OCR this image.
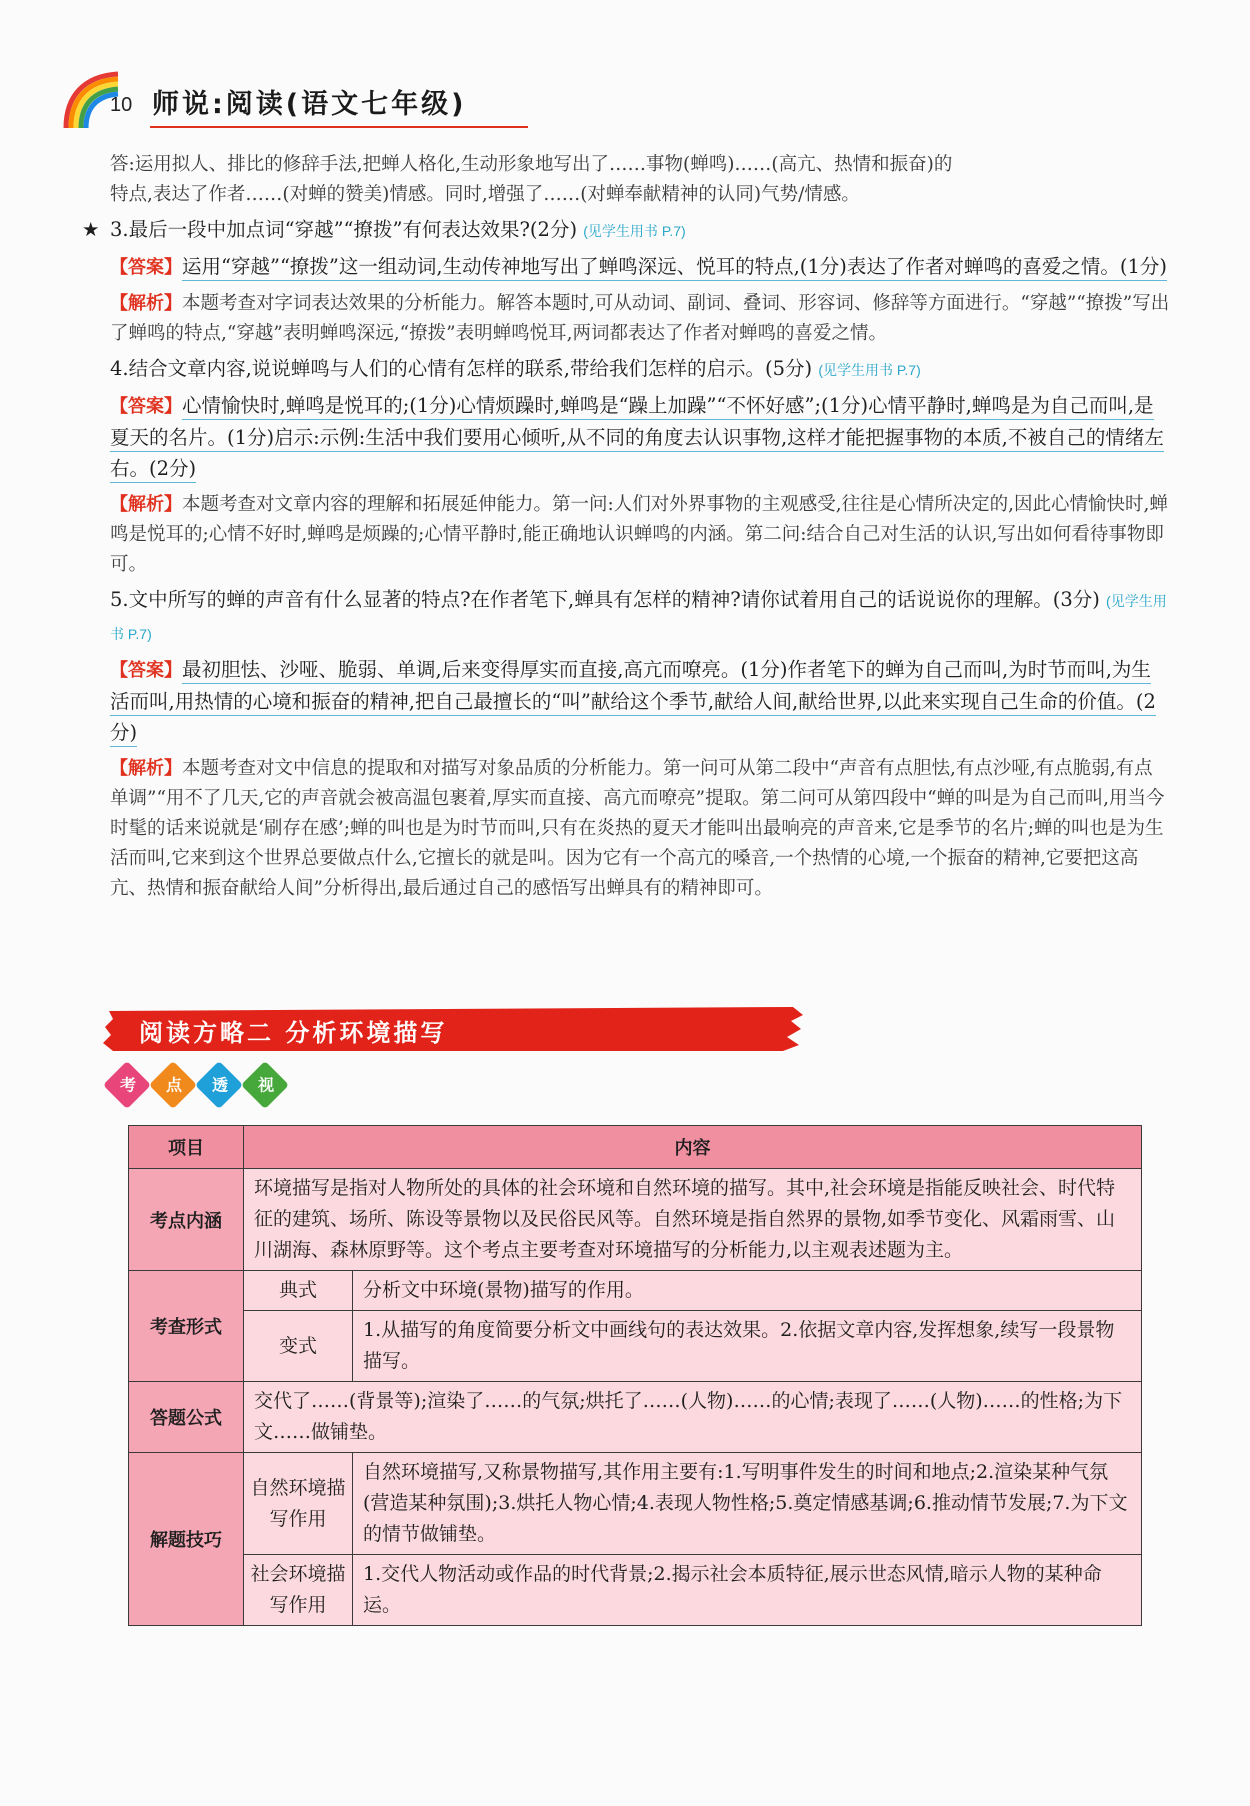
10 师说:阅读(语文七年级)

答:运用拟人、排比的修辞手法,把蝉人格化,生动形象地写出了……事物(蝉鸣)……(高亢、热情和振奋)的

特点,表达了作者……(对蝉的赞美)情感。同时,增强了……(对蝉奉献精神的认同)气势/情感。

★ 3.最后一段中加点词“穿越”“撩拨”有何表达效果?(2分) (见学生用书 P.7)

【答案】运用“穿越”“撩拨”这一组动词,生动传神地写出了蝉鸣深远、悦耳的特点,(1分)表达了作者对蝉鸣的喜爱之情。(1分)

【解析】本题考查对字词表达效果的分析能力。解答本题时,可从动词、副词、叠词、形容词、修辞等方面进行。“穿越”“撩拨”写出了蝉鸣的特点,“穿越”表明蝉鸣深远,“撩拨”表明蝉鸣悦耳,两词都表达了作者对蝉鸣的喜爱之情。

4.结合文章内容,说说蝉鸣与人们的心情有怎样的联系,带给我们怎样的启示。(5分) (见学生用书 P.7)

【答案】心情愉快时,蝉鸣是悦耳的;(1分)心情烦躁时,蝉鸣是“躁上加躁”“不怀好感”;(1分)心情平静时,蝉鸣是为自己而叫,是夏天的名片。(1分)启示:示例:生活中我们要用心倾听,从不同的角度去认识事物,这样才能把握事物的本质,不被自己的情绪左右。(2分)

【解析】本题考查对文章内容的理解和拓展延伸能力。第一问:人们对外界事物的主观感受,往往是心情所决定的,因此心情愉快时,蝉鸣是悦耳的;心情不好时,蝉鸣是烦躁的;心情平静时,能正确地认识蝉鸣的内涵。第二问:结合自己对生活的认识,写出如何看待事物即可。

5.文中所写的蝉的声音有什么显著的特点?在作者笔下,蝉具有怎样的精神?请你试着用自己的话说说你的理解。(3分) (见学生用书 P.7)

【答案】最初胆怯、沙哑、脆弱、单调,后来变得厚实而直接,高亢而嘹亮。(1分)作者笔下的蝉为自己而叫,为时节而叫,为生活而叫,用热情的心境和振奋的精神,把自己最擅长的“叫”献给这个季节,献给人间,献给世界,以此来实现自己生命的价值。(2分)

【解析】本题考查对文中信息的提取和对描写对象品质的分析能力。第一问可从第二段中“声音有点胆怯,有点沙哑,有点脆弱,有点单调”“用不了几天,它的声音就会被高温包裹着,厚实而直接、高亢而嘹亮”提取。第二问可从第四段中“蝉的叫是为自己而叫,用当今时髦的话来说就是‘刷存在感’;蝉的叫也是为时节而叫,只有在炎热的夏天才能叫出最响亮的声音来,它是季节的名片;蝉的叫也是为生活而叫,它来到这个世界总要做点什么,它擅长的就是叫。因为它有一个高亢的嗓音,一个热情的心境,一个振奋的精神,它要把这高亢、热情和振奋献给人间”分析得出,最后通过自己的感悟写出蝉具有的精神即可。

阅读方略二 分析环境描写
考	点	透	视
项目	内容	
考点内涵	环境描写是指对人物所处的具体的社会环境和自然环境的描写。其中,社会环境是指能反映社会、时代特征的建筑、场所、陈设等景物以及民俗民风等。自然环境是指自然界的景物,如季节变化、风霜雨雪、山川湖海、森林原野等。这个考点主要考查对环境描写的分析能力,以主观表述题为主。	
考查形式	典式	分析文中环境(景物)描写的作用。
	变式	1.从描写的角度简要分析文中画线句的表达效果。2.依据文章内容,发挥想象,续写一段景物描写。
答题公式	交代了……(背景等);渲染了……的气氛;烘托了……(人物)……的心情;表现了……(人物)……的性格;为下文……做铺垫。	
解题技巧	自然环境描写作用	自然环境描写,又称景物描写,其作用主要有:1.写明事件发生的时间和地点;2.渲染某种气氛(营造某种氛围);3.烘托人物心情;4.表现人物性格;5.奠定情感基调;6.推动情节发展;7.为下文的情节做铺垫。
	社会环境描写作用	1.交代人物活动或作品的时代背景;2.揭示社会本质特征,展示世态风情,暗示人物的某种命运。
